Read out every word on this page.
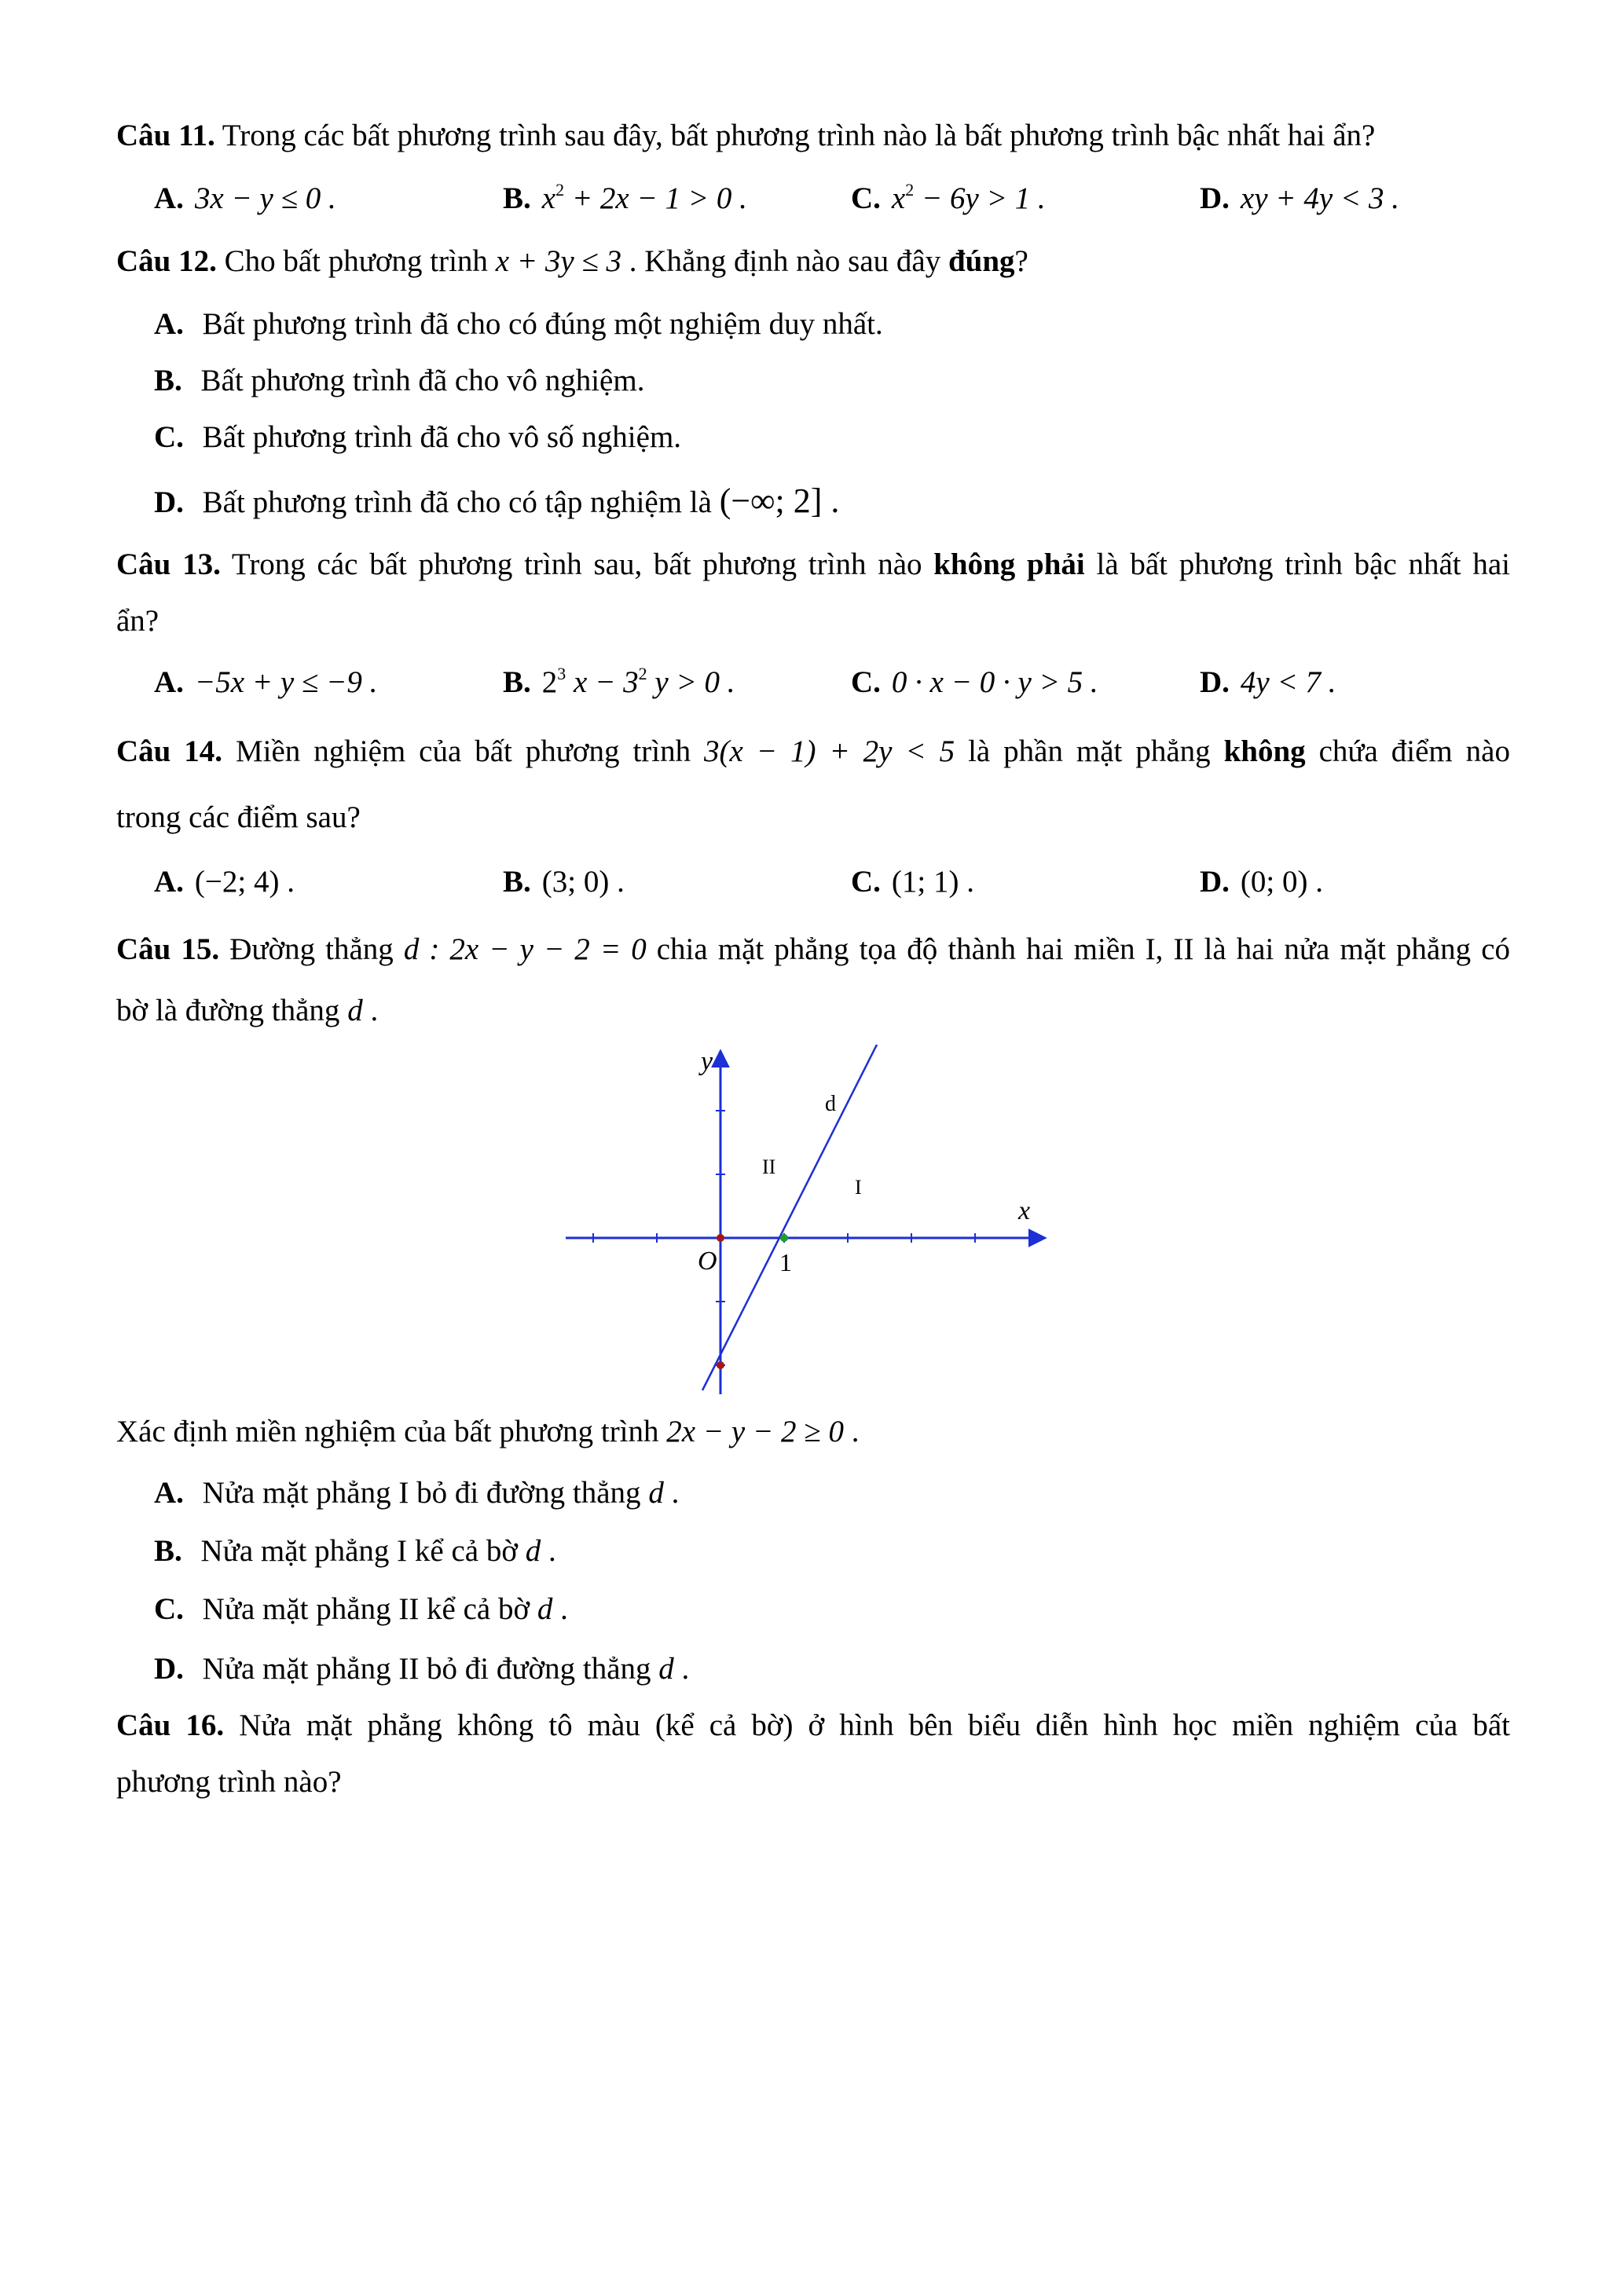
Câu 11. Trong các bất phương trình sau đây, bất phương trình nào là bất phương trình bậc nhất hai ẩn?
A. 3x − y ≤ 0 .	B. $x^2 + 2x - 1 > 0$ .	C. $x^2 - 6y > 1$ .	D. xy + 4y < 3 .
Câu 12. Cho bất phương trình x + 3y ≤ 3 . Khẳng định nào sau đây đúng?
A. Bất phương trình đã cho có đúng một nghiệm duy nhất.
B. Bất phương trình đã cho vô nghiệm.
C. Bất phương trình đã cho vô số nghiệm.
D. Bất phương trình đã cho có tập nghiệm là (−∞; 2] .
Câu 13. Trong các bất phương trình sau, bất phương trình nào không phải là bất phương trình bậc nhất hai
ẩn?
A. −5x + y ≤ −9 .	B. $2^3$ $x - 3^2$ y > 0 .	C. 0 · x − 0 · y > 5 .	D. 4y < 7 .
Câu 14. Miền nghiệm của bất phương trình 3(x − 1) + 2y < 5 là phần mặt phẳng không chứa điểm nào
trong các điểm sau?
A. (−2; 4) .	B. (3; 0) .	C. (1; 1) .	D. (0; 0) .
Câu 15. Đường thẳng d : 2x − y − 2 = 0 chia mặt phẳng tọa độ thành hai miền I, II là hai nửa mặt phẳng có
bờ là đường thẳng d .
y
x
O 1
d
II
I
Xác định miền nghiệm của bất phương trình 2x − y − 2 ≥ 0 .
A. Nửa mặt phẳng I bỏ đi đường thẳng d .
B. Nửa mặt phẳng I kể cả bờ d .
C. Nửa mặt phẳng II kể cả bờ d .
D. Nửa mặt phẳng II bỏ đi đường thẳng d .
Câu 16. Nửa mặt phẳng không tô màu (kể cả bờ) ở hình bên biểu diễn hình học miền nghiệm của bất
phương trình nào?
